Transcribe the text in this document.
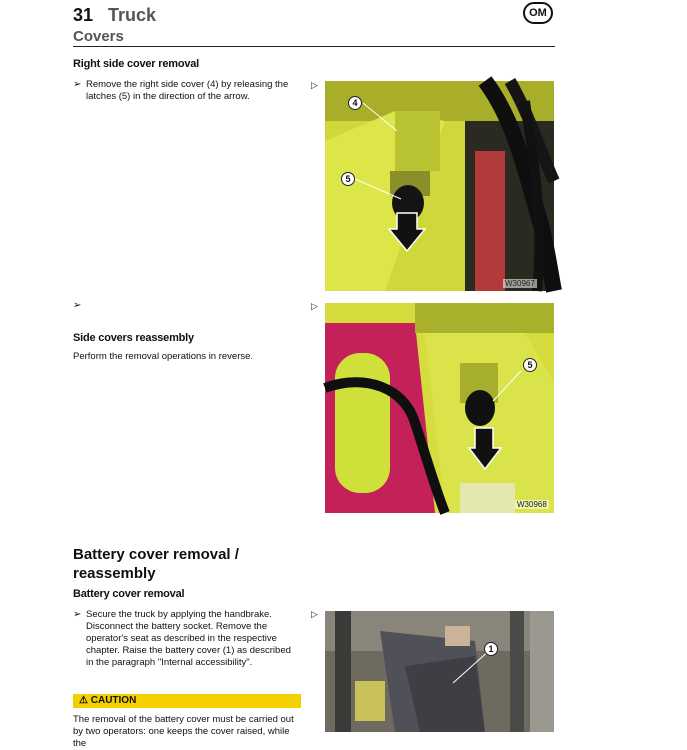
31 Truck
Covers
OM
Right side cover removal
➢ Remove the right side cover (4) by releasing the latches (5) in the direction of the arrow.
▷
4
5
W30967
➢	▷
Side covers reassembly
Perform the removal operations in reverse.
5
W30968
Battery cover removal / reassembly
Battery cover removal
➢ Secure the truck by applying the handbrake. Disconnect the battery socket. Remove the operator's seat as described in the respective chapter. Raise the battery cover (1) as described in the paragraph "Internal accessibility".
▷
⚠ CAUTION
The removal of the battery cover must be carried out by two operators: one keeps the cover raised, while the
1
